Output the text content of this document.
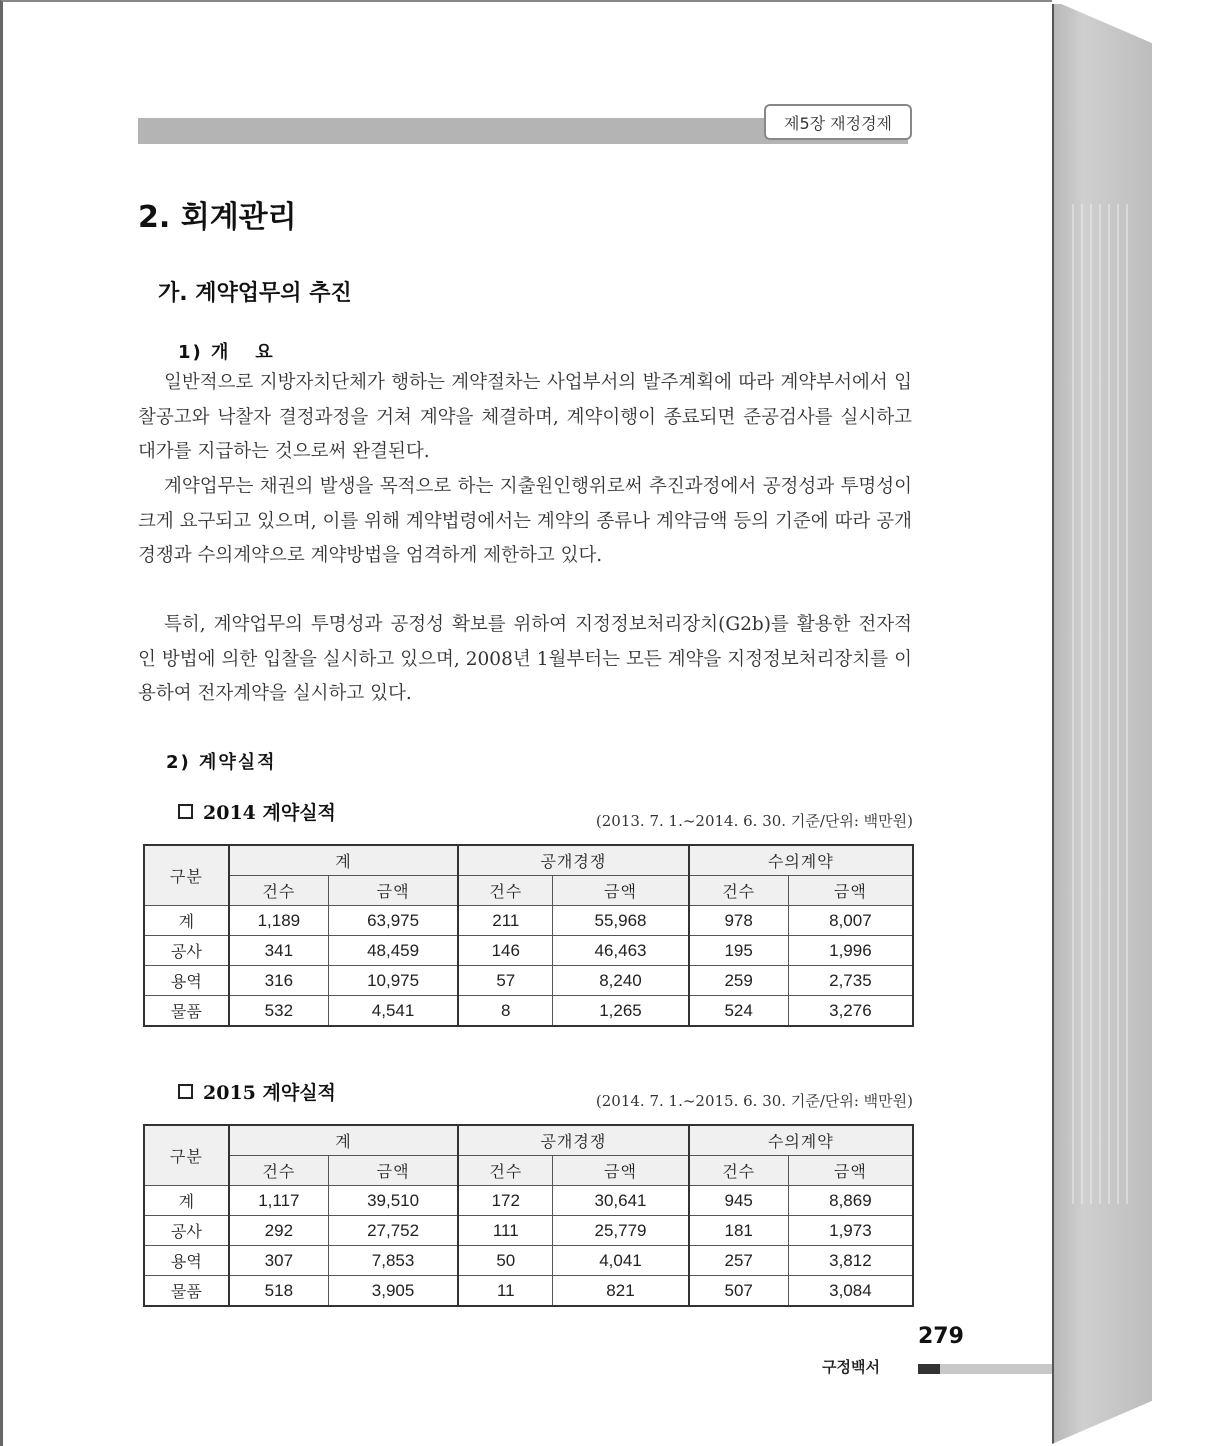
제5장 재정경제
2. 회계관리
가. 계약업무의 추진
1) 개   요

일반적으로 지방자치단체가 행하는 계약절차는 사업부서의 발주계획에 따라 계약부서에서 입찰공고와 낙찰자 결정과정을 거쳐 계약을 체결하며, 계약이행이 종료되면 준공검사를 실시하고 대가를 지급하는 것으로써 완결된다.

계약업무는 채권의 발생을 목적으로 하는 지출원인행위로써 추진과정에서 공정성과 투명성이 크게 요구되고 있으며, 이를 위해 계약법령에서는 계약의 종류나 계약금액 등의 기준에 따라 공개경쟁과 수의계약으로 계약방법을 엄격하게 제한하고 있다.

특히, 계약업무의 투명성과 공정성 확보를 위하여 지정정보처리장치(G2b)를 활용한 전자적인 방법에 의한 입찰을 실시하고 있으며, 2008년 1월부터는 모든 계약을 지정정보처리장치를 이용하여 전자계약을 실시하고 있다.

2) 계약실적
2014 계약실적	(2013. 7. 1.~2014. 6. 30. 기준/단위: 백만원)
구분	계		공개경쟁		수의계약	
	건수	금액	건수	금액	건수	금액
계	1,189	63,975	211	55,968	978	8,007
공사	341	48,459	146	46,463	195	1,996
용역	316	10,975	57	8,240	259	2,735
물품	532	4,541	8	1,265	524	3,276
2015 계약실적	(2014. 7. 1.~2015. 6. 30. 기준/단위: 백만원)
구분	계		공개경쟁		수의계약	
	건수	금액	건수	금액	건수	금액
계	1,117	39,510	172	30,641	945	8,869
공사	292	27,752	111	25,779	181	1,973
용역	307	7,853	50	4,041	257	3,812
물품	518	3,905	11	821	507	3,084
279
구정백서
